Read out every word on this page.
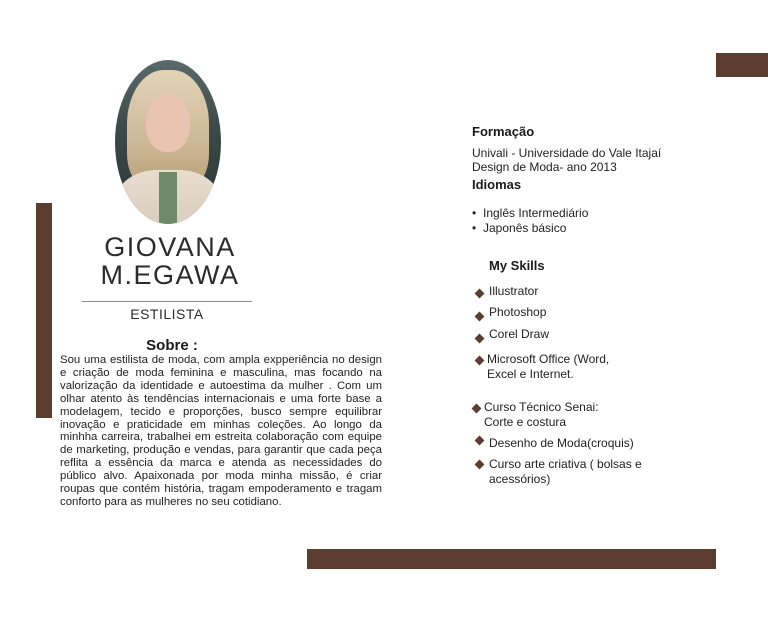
GIOVANA
M.EGAWA
ESTILISTA
Sobre :
Sou uma estilista de moda, com ampla expperiência no design e criação de moda feminina e masculina, mas focando na valorização da identidade e autoestima da mulher . Com um olhar atento às tendências internacionais e uma forte base a modelagem, tecido e proporções, busco sempre equilibrar inovação e praticidade em minhas coleções. Ao longo da minhha carreira, trabalhei em estreita colaboração com equipe de marketing, produção e vendas, para garantir que cada peça reflita a essência da marca e atenda as necessidades do público alvo. Apaixonada por moda minha missão, é criar roupas que contém história, tragam empoderamento e tragam conforto para as mulheres no seu cotidiano.
Formação
Univali - Universidade do Vale Itajaí
Design de Moda- ano 2013
Idiomas
• Inglês Intermediário
• Japonês básico
My Skills
Illustrator
Photoshop
Corel Draw
Microsoft Office (Word, Excel e Internet.
Curso Técnico Senai: Corte e costura
Desenho de Moda(croquis)
Curso arte criativa ( bolsas e acessórios)
